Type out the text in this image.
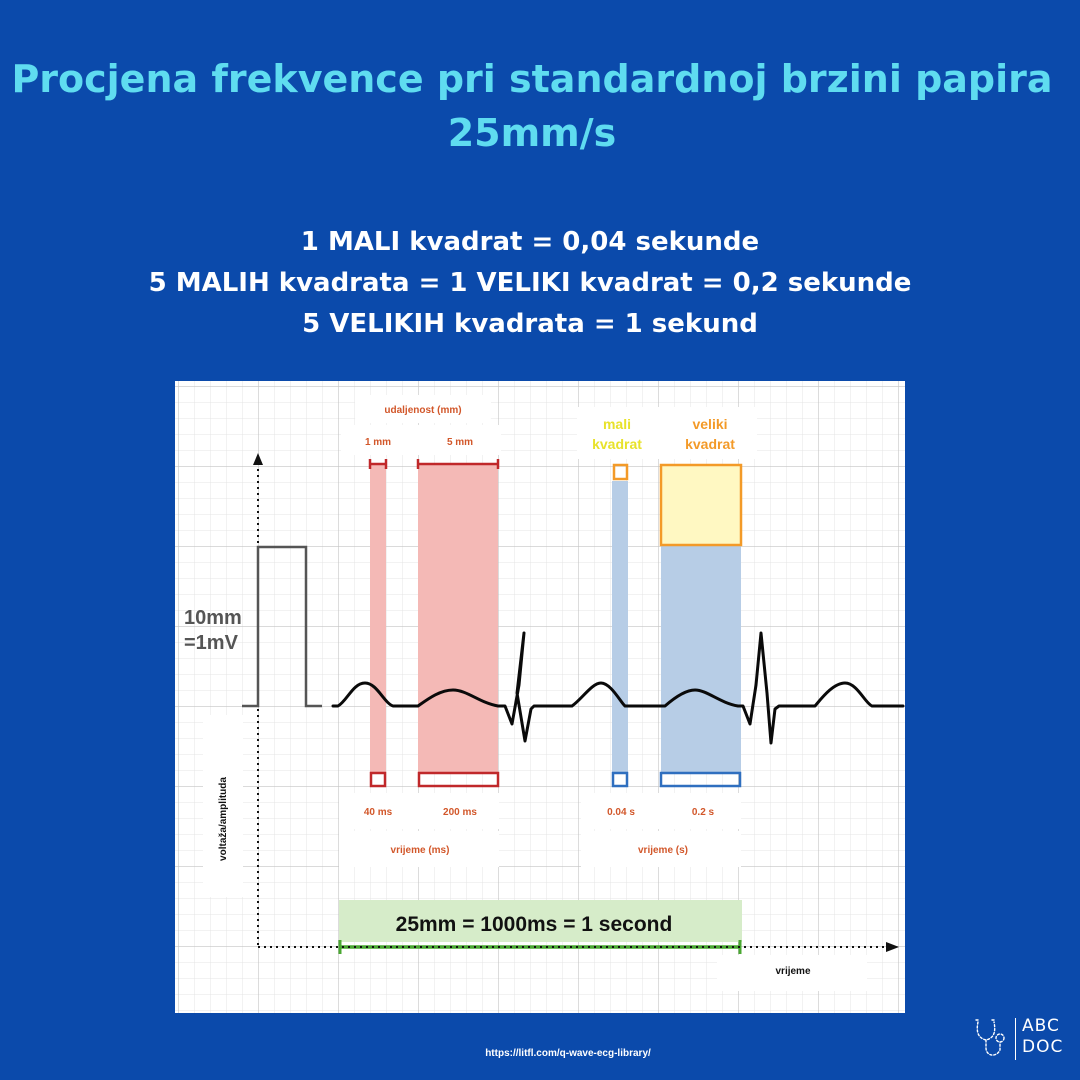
Procjena frekvence pri standardnoj brzini papira
25mm/s
1 MALI kvadrat = 0,04 sekunde
5 MALIH kvadrata = 1 VELIKI kvadrat = 0,2 sekunde
5 VELIKIH kvadrata = 1 sekund
udaljenost (mm)
1 mm	5 mm
mali
kvadrat
veliki
kvadrat
40 ms	200 ms
vrijeme (ms)
0.04 s	0.2 s
vrijeme (s)
25mm = 1000ms = 1 second
vrijeme
10mm
=1mV
voltaža/amplituda
https://litfl.com/q-wave-ecg-library/
ABC
DOC
